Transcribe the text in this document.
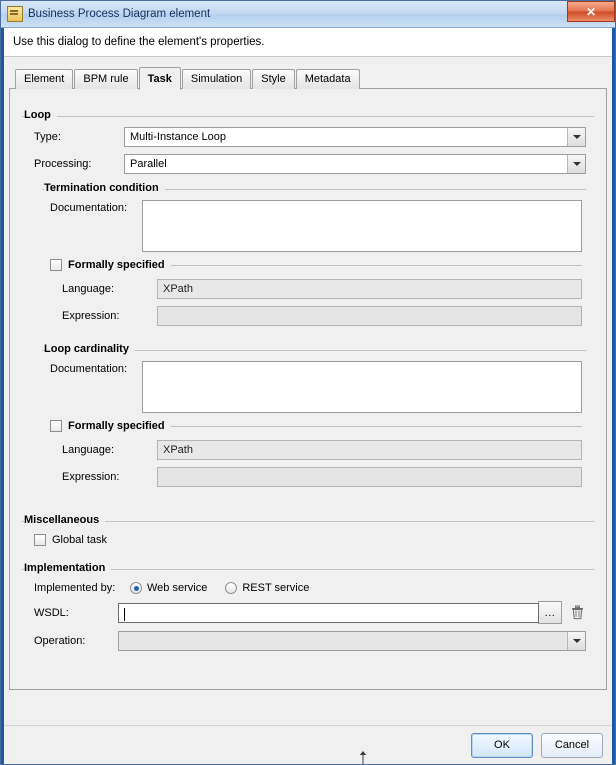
Business Process Diagram element	✕
Use this dialog to define the element's properties.
Element	BPM rule	Task	Simulation	Style	Metadata
Loop
Type:	Multi-Instance Loop
Processing:	Parallel
Termination condition
Documentation:
Formally specified
Language:	XPath
Expression:
Loop cardinality
Documentation:
Formally specified
Language:	XPath
Expression:
Miscellaneous
Global task
Implementation
Implemented by:	Web service	REST service
WSDL:	...
Operation:
OK	Cancel
